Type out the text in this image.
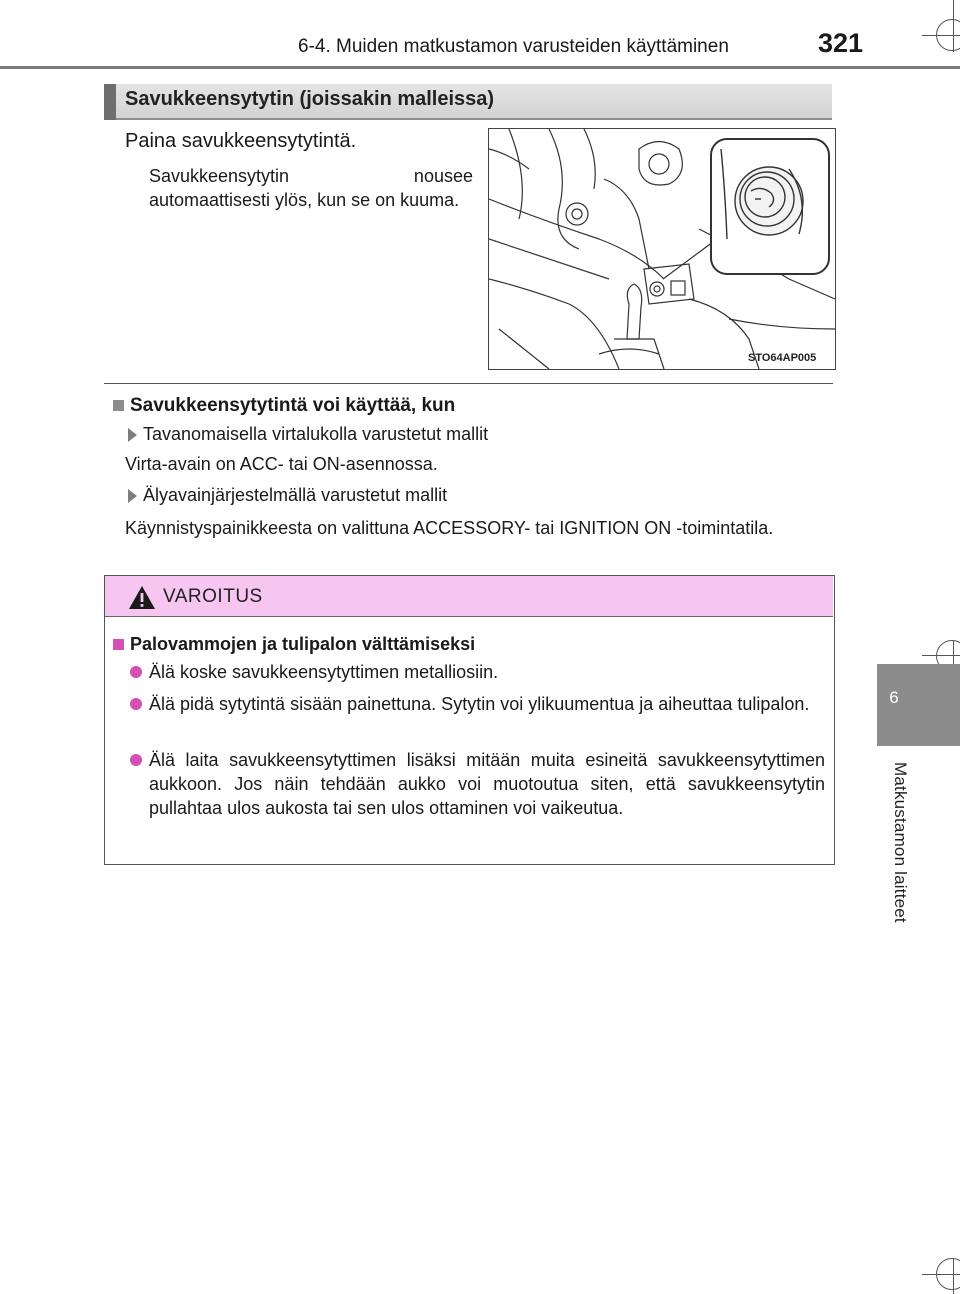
6-4. Muiden matkustamon varusteiden käyttäminen	321
6
Matkustamon laitteet
Savukkeensytytin (joissakin malleissa)
Paina savukkeensytytintä.
Savukkeensytytin nousee automaattisesti ylös, kun se on kuuma.
STO64AP005
Savukkeensytytintä voi käyttää, kun
Tavanomaisella virtalukolla varustetut mallit
Virta-avain on ACC- tai ON-asennossa.
Älyavainjärjestelmällä varustetut mallit
Käynnistyspainikkeesta on valittuna ACCESSORY- tai IGNITION ON -toimintatila.
VAROITUS
Palovammojen ja tulipalon välttämiseksi
Älä koske savukkeensytyttimen metalliosiin.
Älä pidä sytytintä sisään painettuna. Sytytin voi ylikuumentua ja aiheuttaa tulipalon.
Älä laita savukkeensytyttimen lisäksi mitään muita esineitä savukkeensytyttimen aukkoon. Jos näin tehdään aukko voi muotoutua siten, että savukkeensytytin pullahtaa ulos aukosta tai sen ulos ottaminen voi vaikeutua.
